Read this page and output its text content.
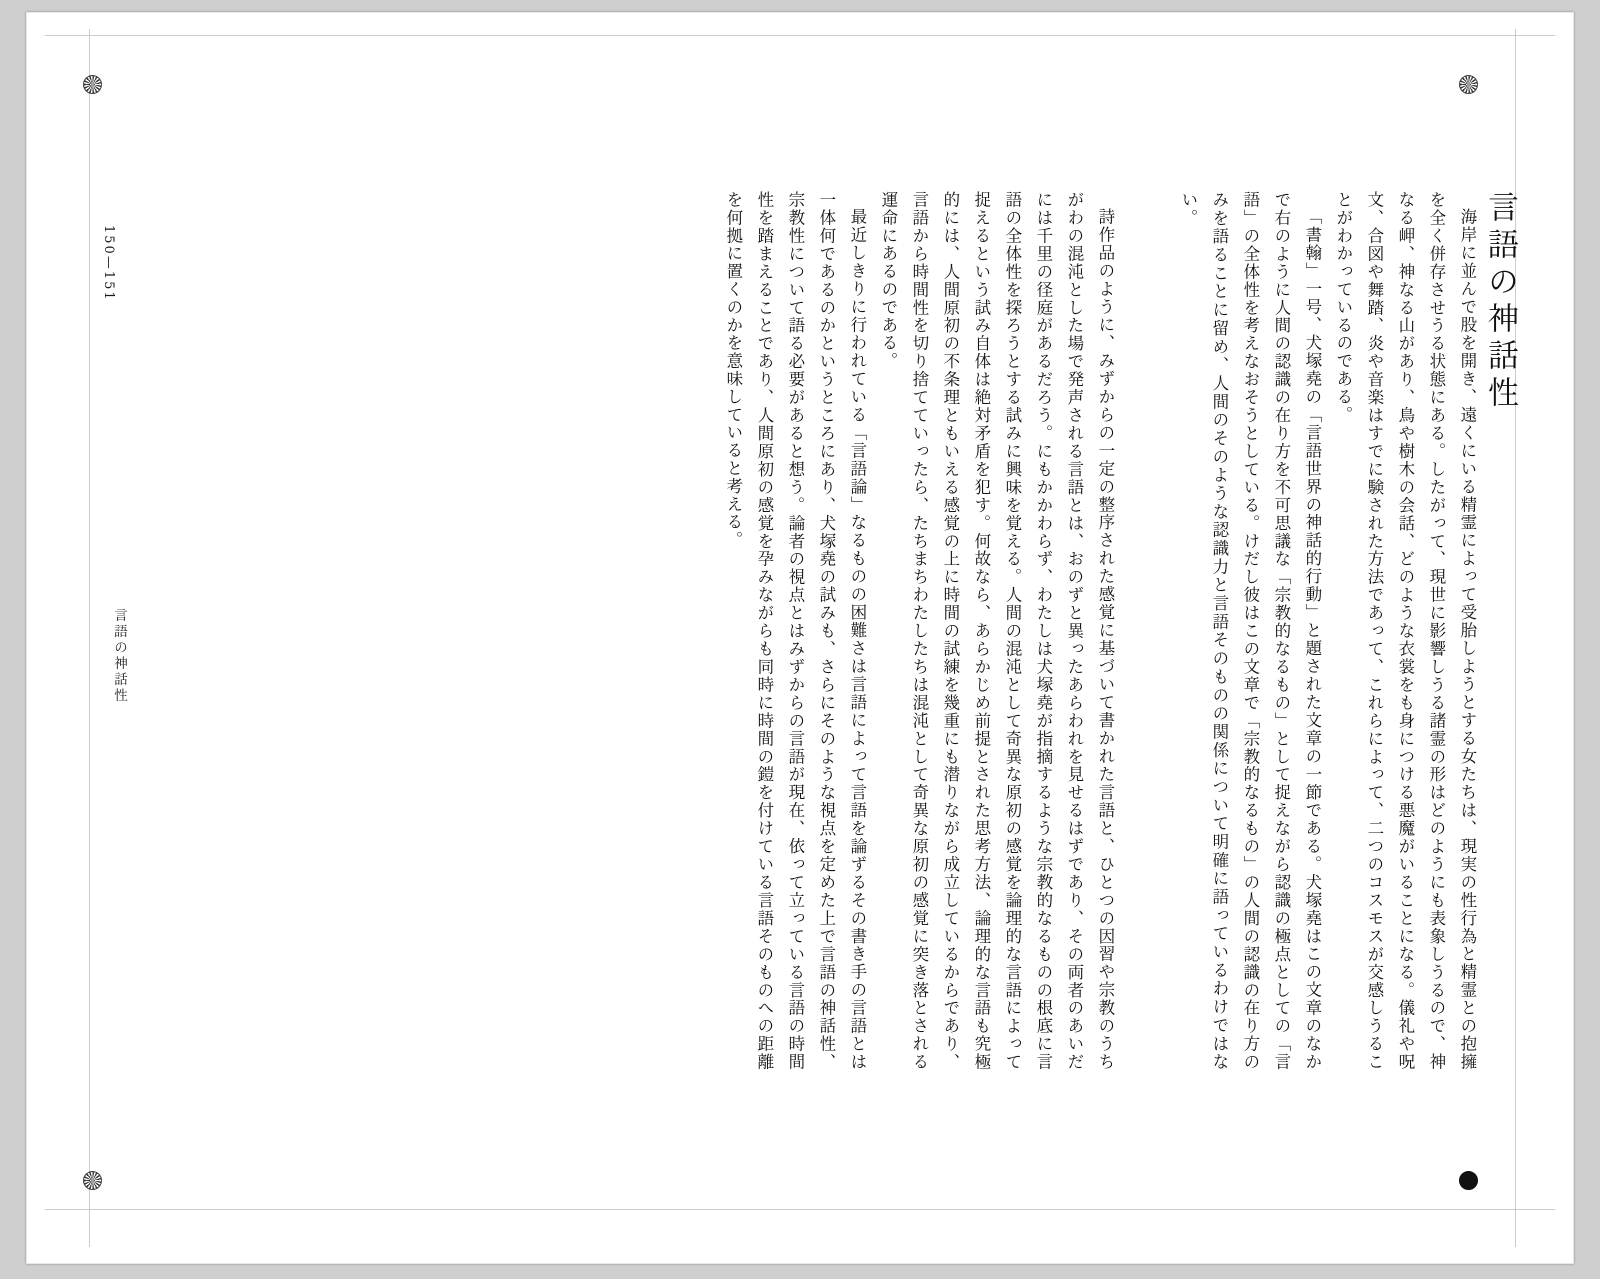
150—151
言語の神話性
言語の神話性

海岸に並んで股を開き、遠くにいる精霊によって受胎しようとする女たちは、現実の性行為と精霊との抱擁を全く併存させうる状態にある。したがって、現世に影響しうる諸霊の形はどのようにも表象しうるので、神なる岬、神なる山があり、鳥や樹木の会話、どのような衣裳をも身につける悪魔がいることになる。儀礼や呪文、合図や舞踏、炎や音楽はすでに験された方法であって、これらによって、二つのコスモスが交感しうることがわかっているのである。

「書翰」一号、犬塚堯の「言語世界の神話的行動」と題された文章の一節である。犬塚堯はこの文章のなかで右のように人間の認識の在り方を不可思議な「宗教的なるもの」として捉えながら認識の極点としての「言語」の全体性を考えなおそうとしている。けだし彼はこの文章で「宗教的なるもの」の人間の認識の在り方のみを語ることに留め、人間のそのような認識力と言語そのものの関係について明確に語っているわけではない。

詩作品のように、みずからの一定の整序された感覚に基づいて書かれた言語と、ひとつの因習や宗教のうちがわの混沌とした場で発声される言語とは、おのずと異ったあらわれを見せるはずであり、その両者のあいだには千里の径庭があるだろう。にもかかわらず、わたしは犬塚堯が指摘するような宗教的なるものの根底に言語の全体性を探ろうとする試みに興味を覚える。人間の混沌として奇異な原初の感覚を論理的な言語によって捉えるという試み自体は絶対矛盾を犯す。何故なら、あらかじめ前提とされた思考方法、論理的な言語も究極的には、人間原初の不条理ともいえる感覚の上に時間の試練を幾重にも潜りながら成立しているからであり、言語から時間性を切り捨てていったら、たちまちわたしたちは混沌として奇異な原初の感覚に突き落とされる運命にあるのである。

最近しきりに行われている「言語論」なるものの困難さは言語によって言語を論ずるその書き手の言語とは一体何であるのかというところにあり、犬塚堯の試みも、さらにそのような視点を定めた上で言語の神話性、宗教性について語る必要があると想う。論者の視点とはみずからの言語が現在、依って立っている言語の時間性を踏まえることであり、人間原初の感覚を孕みながらも同時に時間の鎧を付けている言語そのものへの距離を何拠に置くのかを意味していると考える。
